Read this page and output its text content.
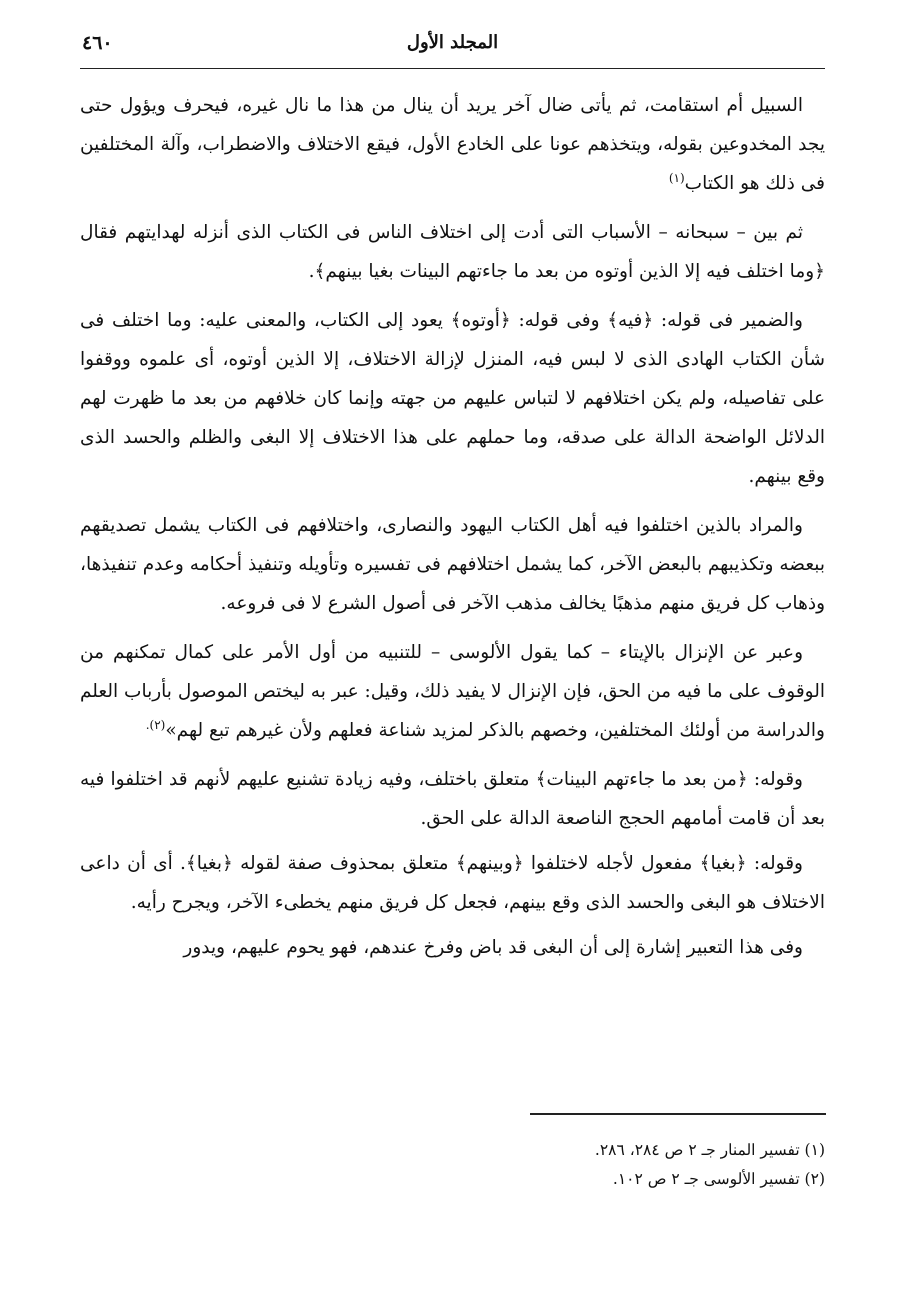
٤٦٠	المجلد الأول

السبيل أم استقامت، ثم يأتى ضال آخر يريد أن ينال من هذا ما نال غيره، فيحرف ويؤول حتى يجد المخدوعين بقوله، ويتخذهم عونا على الخادع الأول، فيقع الاختلاف والاضطراب، وآلة المختلفين فى ذلك هو الكتاب$^{(١)}$

ثم بين – سبحانه – الأسباب التى أدت إلى اختلاف الناس فى الكتاب الذى أنزله لهدايتهم فقال ﴿وما اختلف فيه إلا الذين أوتوه من بعد ما جاءتهم البينات بغيا بينهم﴾.

والضمير فى قوله: ﴿فيه﴾ وفى قوله: ﴿أوتوه﴾ يعود إلى الكتاب، والمعنى عليه: وما اختلف فى شأن الكتاب الهادى الذى لا لبس فيه، المنزل لإزالة الاختلاف، إلا الذين أوتوه، أى علموه ووقفوا على تفاصيله، ولم يكن اختلافهم لا لتباس عليهم من جهته وإنما كان خلافهم من بعد ما ظهرت لهم الدلائل الواضحة الدالة على صدقه، وما حملهم على هذا الاختلاف إلا البغى والظلم والحسد الذى وقع بينهم.

والمراد بالذين اختلفوا فيه أهل الكتاب اليهود والنصارى، واختلافهم فى الكتاب يشمل تصديقهم ببعضه وتكذيبهم بالبعض الآخر، كما يشمل اختلافهم فى تفسيره وتأويله وتنفيذ أحكامه وعدم تنفيذها، وذهاب كل فريق منهم مذهبًا يخالف مذهب الآخر فى أصول الشرع لا فى فروعه.

وعبر عن الإنزال بالإيتاء – كما يقول الألوسى – للتنبيه من أول الأمر على كمال تمكنهم من الوقوف على ما فيه من الحق، فإن الإنزال لا يفيد ذلك، وقيل: عبر به ليختص الموصول بأرباب العلم والدراسة من أولئك المختلفين، وخصهم بالذكر لمزيد شناعة فعلهم ولأن غيرهم تبع لهم»$^{(٢).}$

وقوله: ﴿من بعد ما جاءتهم البينات﴾ متعلق باختلف، وفيه زيادة تشنيع عليهم لأنهم قد اختلفوا فيه بعد أن قامت أمامهم الحجج الناصعة الدالة على الحق.

وقوله: ﴿بغيا﴾ مفعول لأجله لاختلفوا ﴿وبينهم﴾ متعلق بمحذوف صفة لقوله ﴿بغيا﴾. أى أن داعى الاختلاف هو البغى والحسد الذى وقع بينهم، فجعل كل فريق منهم يخطىء الآخر، ويجرح رأيه.

وفى هذا التعبير إشارة إلى أن البغى قد باض وفرخ عندهم، فهو يحوم عليهم، ويدور

(١) تفسير المنار جـ ٢ ص ٢٨٤، ٢٨٦.

(٢) تفسير الألوسى جـ ٢ ص ١٠٢.
